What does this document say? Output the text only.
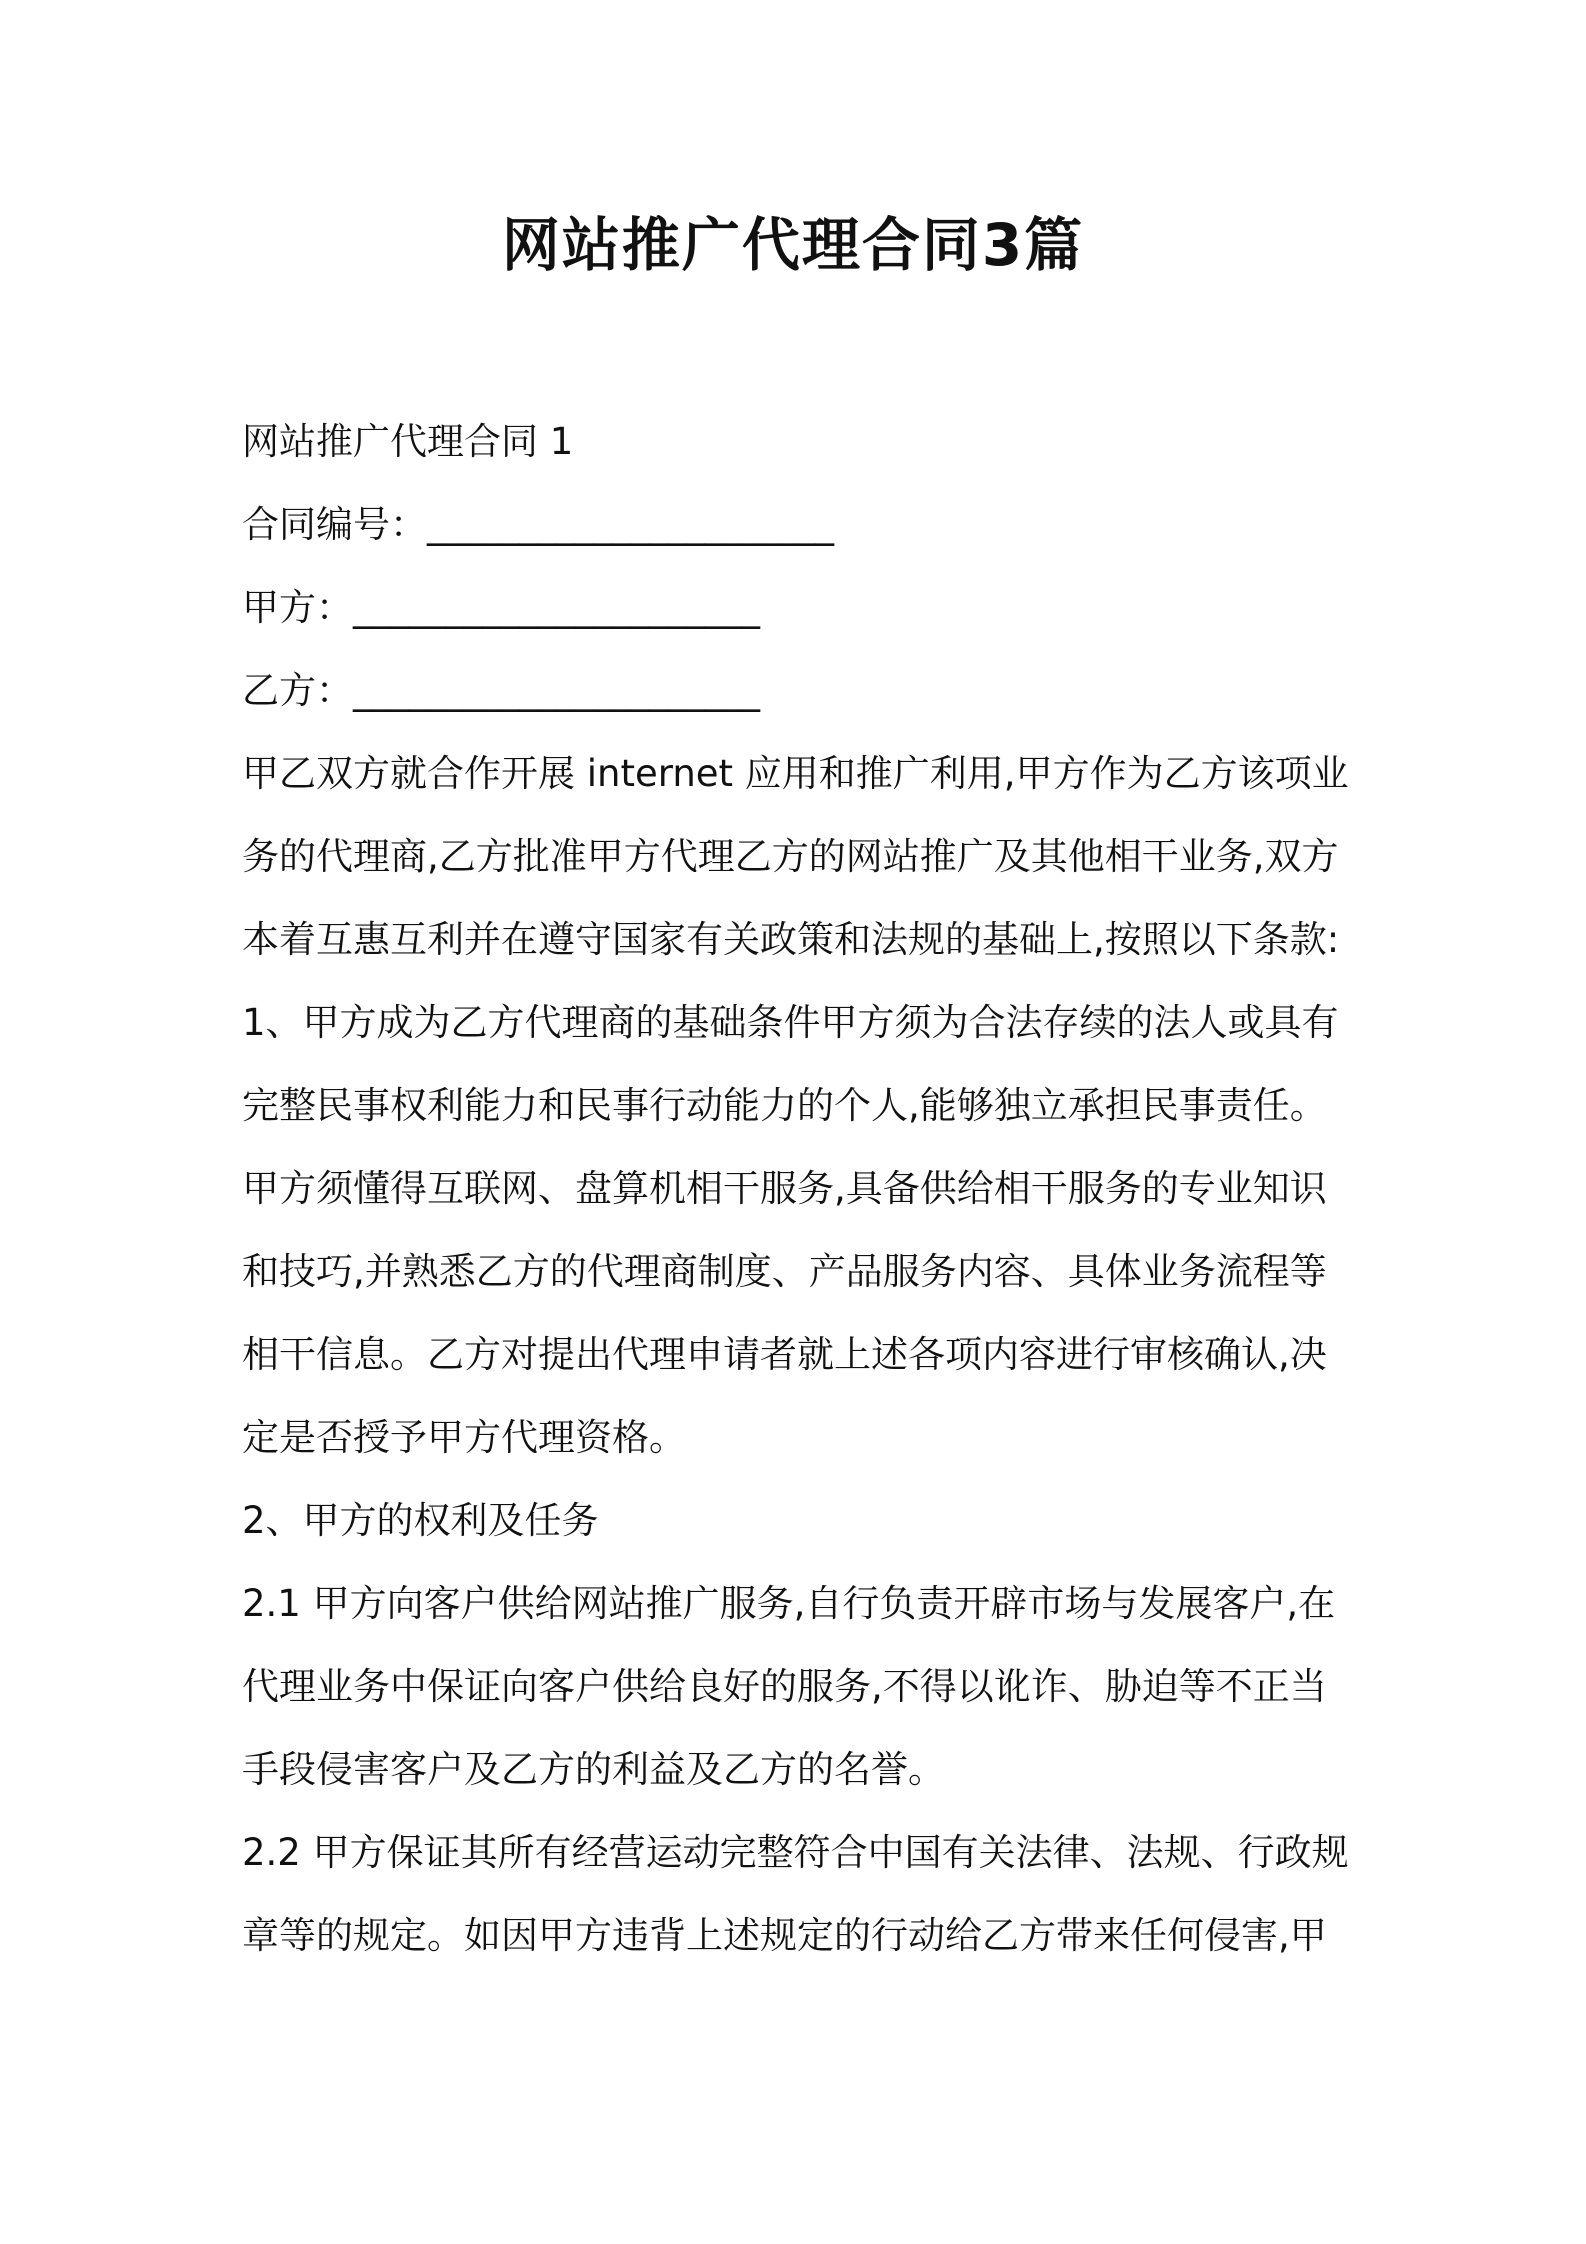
网站推广代理合同3篇

网站推广代理合同 1

合同编号：______________________

甲方：______________________

乙方：______________________

甲乙双方就合作开展 internet 应用和推广利用,甲方作为乙方该项业

务的代理商,乙方批准甲方代理乙方的网站推广及其他相干业务,双方

本着互惠互利并在遵守国家有关政策和法规的基础上,按照以下条款:

1、甲方成为乙方代理商的基础条件甲方须为合法存续的法人或具有

完整民事权利能力和民事行动能力的个人,能够独立承担民事责任。

甲方须懂得互联网、盘算机相干服务,具备供给相干服务的专业知识

和技巧,并熟悉乙方的代理商制度、产品服务内容、具体业务流程等

相干信息。乙方对提出代理申请者就上述各项内容进行审核确认,决

定是否授予甲方代理资格。

2、甲方的权利及任务

2.1 甲方向客户供给网站推广服务,自行负责开辟市场与发展客户,在

代理业务中保证向客户供给良好的服务,不得以讹诈、胁迫等不正当

手段侵害客户及乙方的利益及乙方的名誉。

2.2 甲方保证其所有经营运动完整符合中国有关法律、法规、行政规

章等的规定。如因甲方违背上述规定的行动给乙方带来任何侵害,甲
